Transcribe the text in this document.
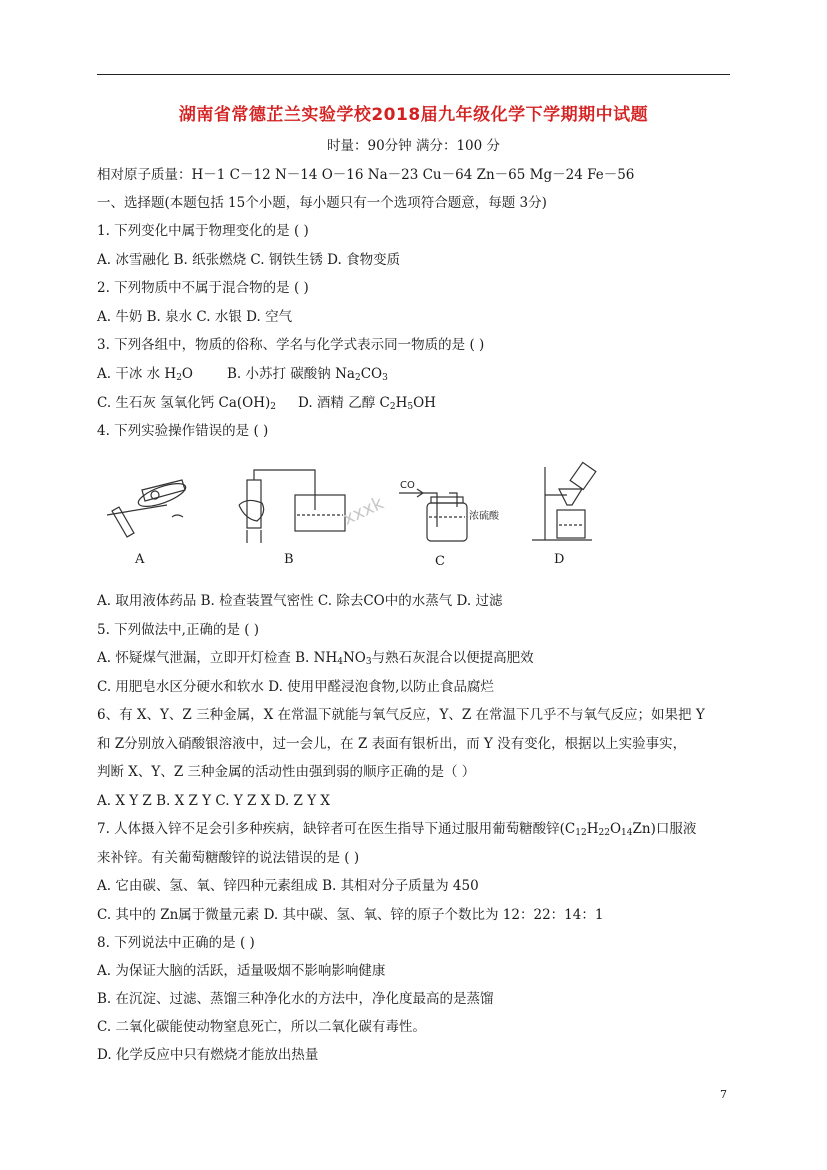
湖南省常德芷兰实验学校2018届九年级化学下学期期中试题
时量：90分钟 满分：100 分
相对原子质量：H－1 C－12 N－14 O－16 Na－23 Cu－64 Zn－65 Mg－24 Fe－56
一、选择题(本题包括 15个小题，每小题只有一个选项符合题意，每题 3分)
1. 下列变化中属于物理变化的是 ( )
A. 冰雪融化 B. 纸张燃烧 C. 钢铁生锈 D. 食物变质
2. 下列物质中不属于混合物的是 ( )
A. 牛奶 B. 泉水 C. 水银 D. 空气
3. 下列各组中，物质的俗称、学名与化学式表示同一物质的是 ( )
A. 干冰 水 $H_2O$	B. 小苏打 碳酸钠 $Na_2CO_3$
C. 生石灰 氢氧化钙 $Ca(OH)_2$ D. 酒精 乙醇 $C_2H_5OH$
4. 下列实验操作错误的是 ( )
xxxk
CO
浓硫酸
A	B	C	D
A. 取用液体药品 B. 检查装置气密性 C. 除去CO中的水蒸气 D. 过滤
5. 下列做法中,正确的是 ( )
A. 怀疑煤气泄漏，立即开灯检查 B. $NH_4NO_3$与熟石灰混合以便提高肥效
C. 用肥皂水区分硬水和软水 D. 使用甲醛浸泡食物,以防止食品腐烂
6、有 X、Y、Z 三种金属，X 在常温下就能与氧气反应，Y、Z 在常温下几乎不与氧气反应；如果把 Y
和 Z分别放入硝酸银溶液中，过一会儿，在 Z 表面有银析出，而 Y 没有变化，根据以上实验事实，
判断 X、Y、Z 三种金属的活动性由强到弱的顺序正确的是（ ）
A. X Y Z B. X Z Y C. Y Z X D. Z Y X
7. 人体摄入锌不足会引多种疾病，缺锌者可在医生指导下通过服用葡萄糖酸锌$(C_{12}H_{22}O_{14}Zn)$口服液
来补锌。有关葡萄糖酸锌的说法错误的是 ( )
A. 它由碳、氢、氧、锌四种元素组成 B. 其相对分子质量为 450
C. 其中的 Zn属于微量元素 D. 其中碳、氢、氧、锌的原子个数比为 12：22：14：1
8. 下列说法中正确的是 ( )
A. 为保证大脑的活跃，适量吸烟不影响影响健康
B. 在沉淀、过滤、蒸馏三种净化水的方法中，净化度最高的是蒸馏
C. 二氧化碳能使动物窒息死亡，所以二氧化碳有毒性。
D. 化学反应中只有燃烧才能放出热量
7
